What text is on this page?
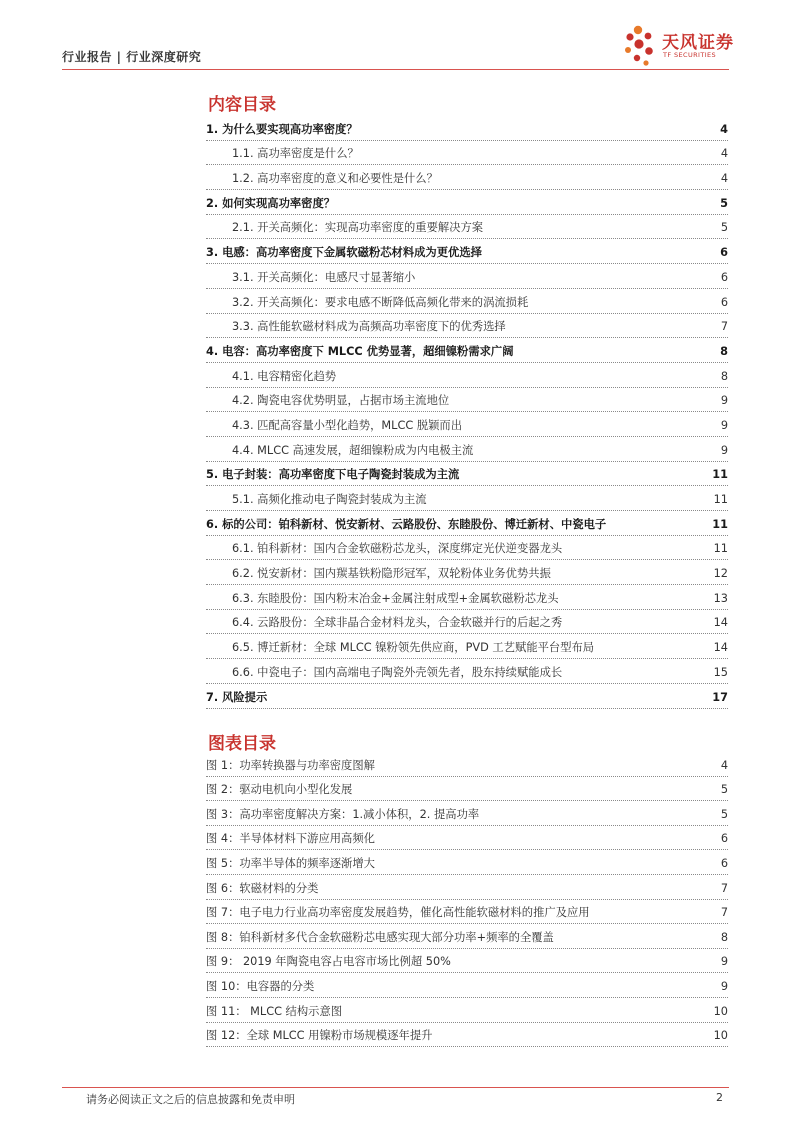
行业报告 | 行业深度研究
天风证券
TF SECURITIES
内容目录
1. 为什么要实现高功率密度？	4
1.1. 高功率密度是什么？	4
1.2. 高功率密度的意义和必要性是什么？	4
2. 如何实现高功率密度？	5
2.1. 开关高频化：实现高功率密度的重要解决方案	5
3. 电感：高功率密度下金属软磁粉芯材料成为更优选择	6
3.1. 开关高频化：电感尺寸显著缩小	6
3.2. 开关高频化：要求电感不断降低高频化带来的涡流损耗	6
3.3. 高性能软磁材料成为高频高功率密度下的优秀选择	7
4. 电容：高功率密度下 MLCC 优势显著，超细镍粉需求广阔	8
4.1. 电容精密化趋势	8
4.2. 陶瓷电容优势明显，占据市场主流地位	9
4.3. 匹配高容量小型化趋势，MLCC 脱颖而出	9
4.4. MLCC 高速发展，超细镍粉成为内电极主流	9
5. 电子封装：高功率密度下电子陶瓷封装成为主流	11
5.1. 高频化推动电子陶瓷封装成为主流	11
6. 标的公司：铂科新材、悦安新材、云路股份、东睦股份、博迁新材、中瓷电子	11
6.1. 铂科新材：国内合金软磁粉芯龙头，深度绑定光伏逆变器龙头	11
6.2. 悦安新材：国内羰基铁粉隐形冠军，双轮粉体业务优势共振	12
6.3. 东睦股份：国内粉末冶金+金属注射成型+金属软磁粉芯龙头	13
6.4. 云路股份：全球非晶合金材料龙头，合金软磁并行的后起之秀	14
6.5. 博迁新材：全球 MLCC 镍粉领先供应商，PVD 工艺赋能平台型布局	14
6.6. 中瓷电子：国内高端电子陶瓷外壳领先者，股东持续赋能成长	15
7. 风险提示	17
图表目录
图 1：功率转换器与功率密度图解	4
图 2：驱动电机向小型化发展	5
图 3：高功率密度解决方案：1.减小体积，2. 提高功率	5
图 4：半导体材料下游应用高频化	6
图 5：功率半导体的频率逐渐增大	6
图 6：软磁材料的分类	7
图 7：电子电力行业高功率密度发展趋势，催化高性能软磁材料的推广及应用	7
图 8：铂科新材多代合金软磁粉芯电感实现大部分功率+频率的全覆盖	8
图 9： 2019 年陶瓷电容占电容市场比例超 50%	9
图 10：电容器的分类	9
图 11： MLCC 结构示意图	10
图 12：全球 MLCC 用镍粉市场规模逐年提升	10
请务必阅读正文之后的信息披露和免责申明	2
